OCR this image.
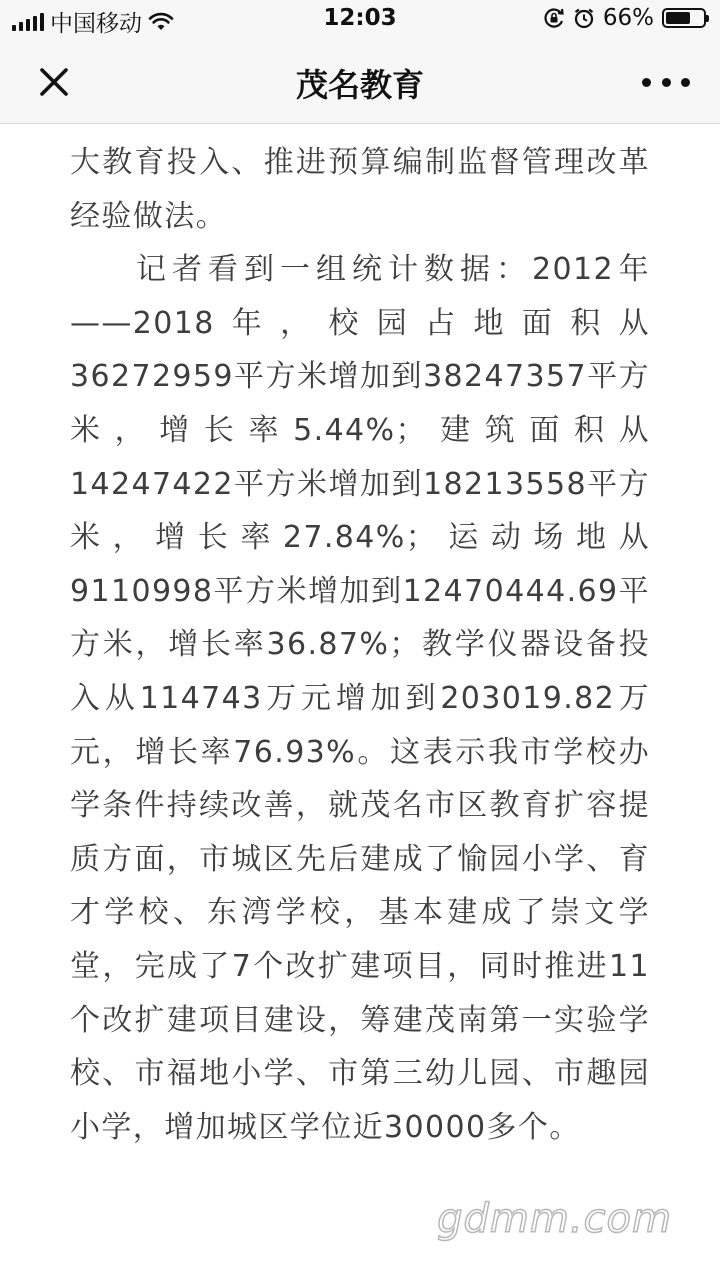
中国移动	12:03	66%
茂名教育

大教育投入、推进预算编制监督管理改革经验做法。

记者看到一组统计数据：2012年——2018年，校园占地面积从36272959平方米增加到38247357平方米，增长率5.44%；建筑面积从14247422平方米增加到18213558平方米，增长率27.84%；运动场地从9110998平方米增加到12470444.69平方米，增长率36.87%；教学仪器设备投入从114743万元增加到203019.82万元，增长率76.93%。这表示我市学校办学条件持续改善，就茂名市区教育扩容提质方面，市城区先后建成了愉园小学、育才学校、东湾学校，基本建成了崇文学堂，完成了7个改扩建项目，同时推进11个改扩建项目建设，筹建茂南第一实验学校、市福地小学、市第三幼儿园、市趣园小学，增加城区学位近30000多个。

gdmm.com
